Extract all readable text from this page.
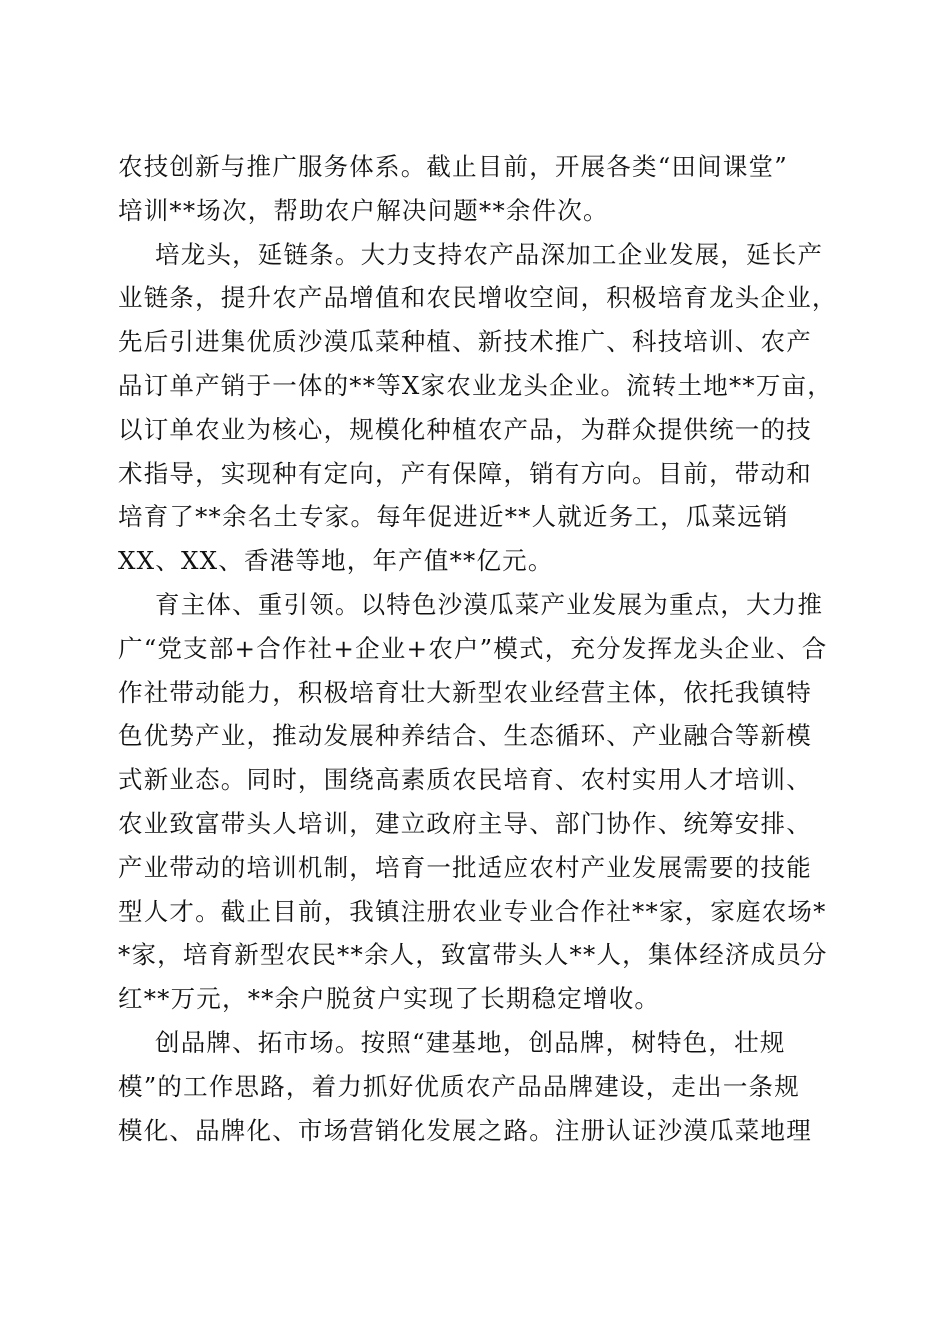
农技创新与推广服务体系。截止目前，开展各类“田间课堂”
培训**场次，帮助农户解决问题**余件次。
培龙头，延链条。大力支持农产品深加工企业发展，延长产
业链条，提升农产品增值和农民增收空间，积极培育龙头企业，
先后引进集优质沙漠瓜菜种植、新技术推广、科技培训、农产
品订单产销于一体的**等X家农业龙头企业。流转土地**万亩，
以订单农业为核心，规模化种植农产品，为群众提供统一的技
术指导，实现种有定向，产有保障，销有方向。目前，带动和
培育了**余名土专家。每年促进近**人就近务工，瓜菜远销
XX、XX、香港等地，年产值**亿元。
育主体、重引领。以特色沙漠瓜菜产业发展为重点，大力推
广“党支部+合作社+企业+农户”模式，充分发挥龙头企业、合
作社带动能力，积极培育壮大新型农业经营主体，依托我镇特
色优势产业，推动发展种养结合、生态循环、产业融合等新模
式新业态。同时，围绕高素质农民培育、农村实用人才培训、
农业致富带头人培训，建立政府主导、部门协作、统筹安排、
产业带动的培训机制，培育一批适应农村产业发展需要的技能
型人才。截止目前，我镇注册农业专业合作社**家，家庭农场*
*家，培育新型农民**余人，致富带头人**人，集体经济成员分
红**万元，**余户脱贫户实现了长期稳定增收。
创品牌、拓市场。按照“建基地，创品牌，树特色，壮规
模”的工作思路，着力抓好优质农产品品牌建设，走出一条规
模化、品牌化、市场营销化发展之路。注册认证沙漠瓜菜地理
